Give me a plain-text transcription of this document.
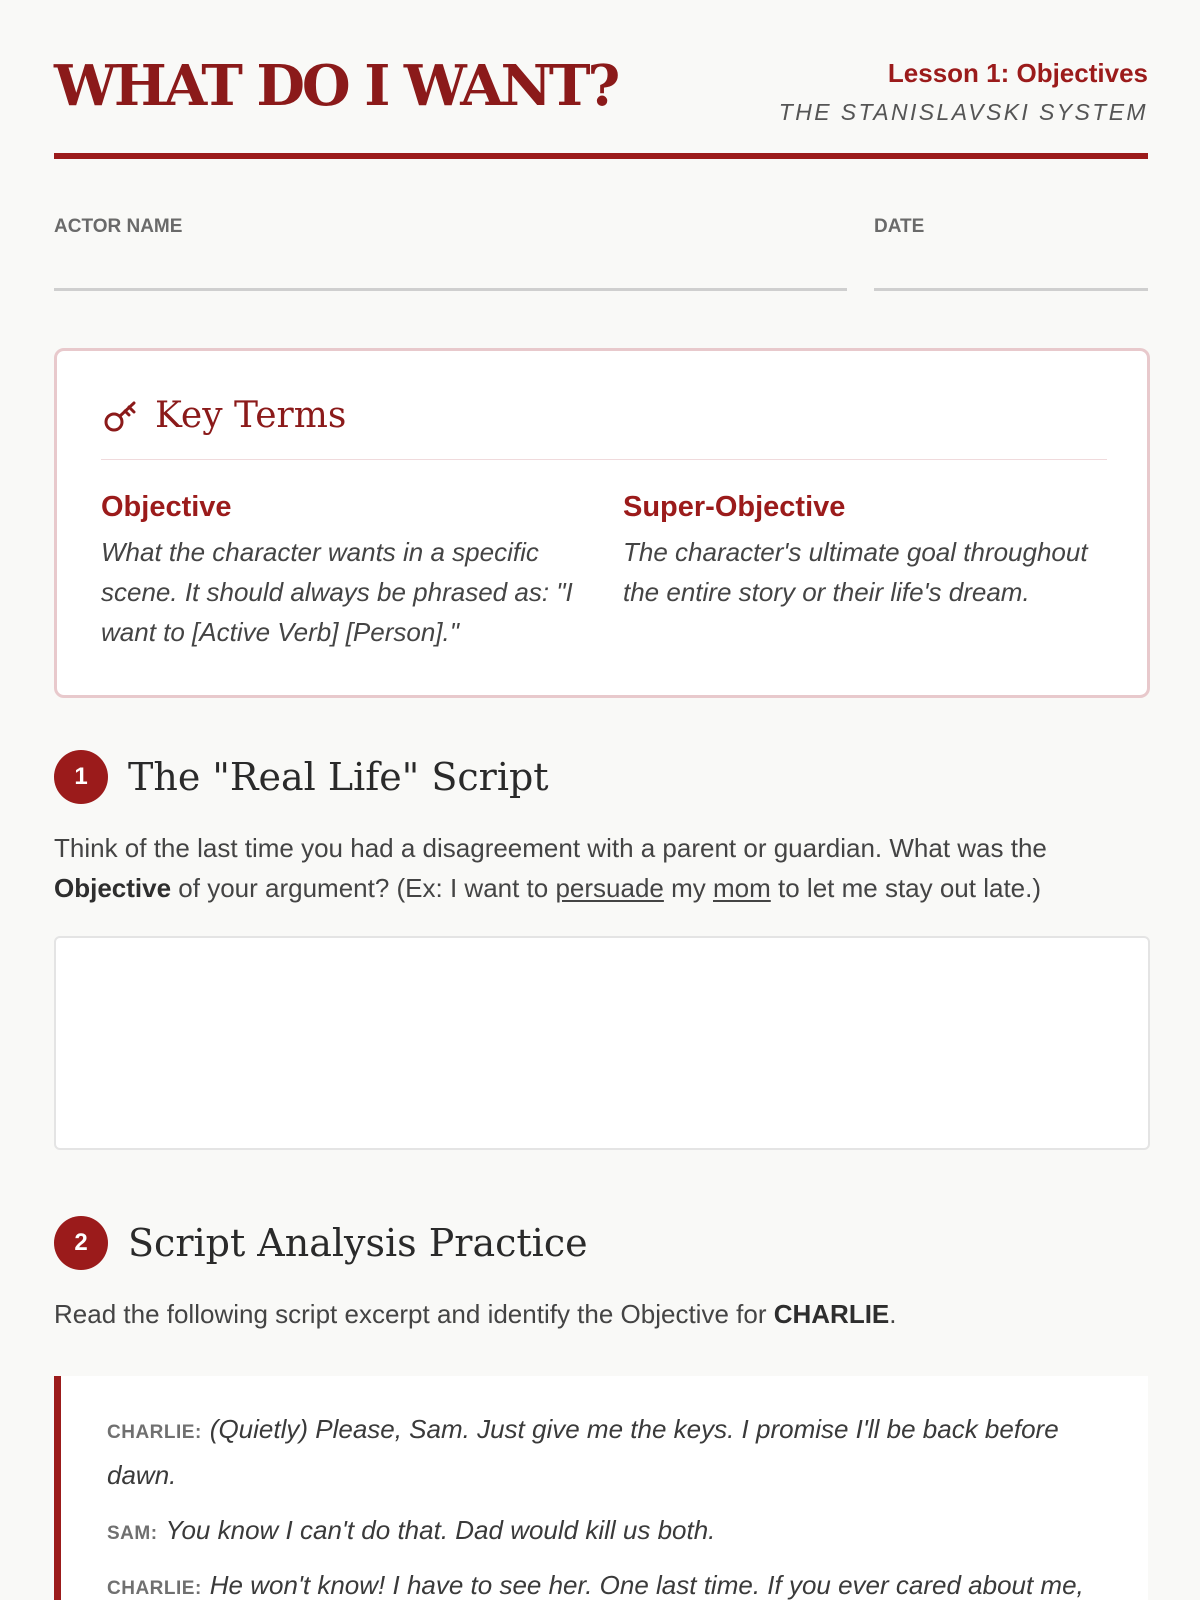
WHAT DO I WANT?	Lesson 1: Objectives
THE STANISLAVSKI SYSTEM
ACTOR NAME	DATE
Key Terms
Objective
What the character wants in a specific scene. It should always be phrased as: "I want to [Active Verb] [Person]."
Super-Objective
The character's ultimate goal throughout the entire story or their life's dream.
1	The "Real Life" Script
Think of the last time you had a disagreement with a parent or guardian. What was the Objective of your argument? (Ex: I want to persuade my mom to let me stay out late.)
2	Script Analysis Practice
Read the following script excerpt and identify the Objective for CHARLIE.
CHARLIE: (Quietly) Please, Sam. Just give me the keys. I promise I'll be back before dawn.
SAM: You know I can't do that. Dad would kill us both.
CHARLIE: He won't know! I have to see her. One last time. If you ever cared about me,
